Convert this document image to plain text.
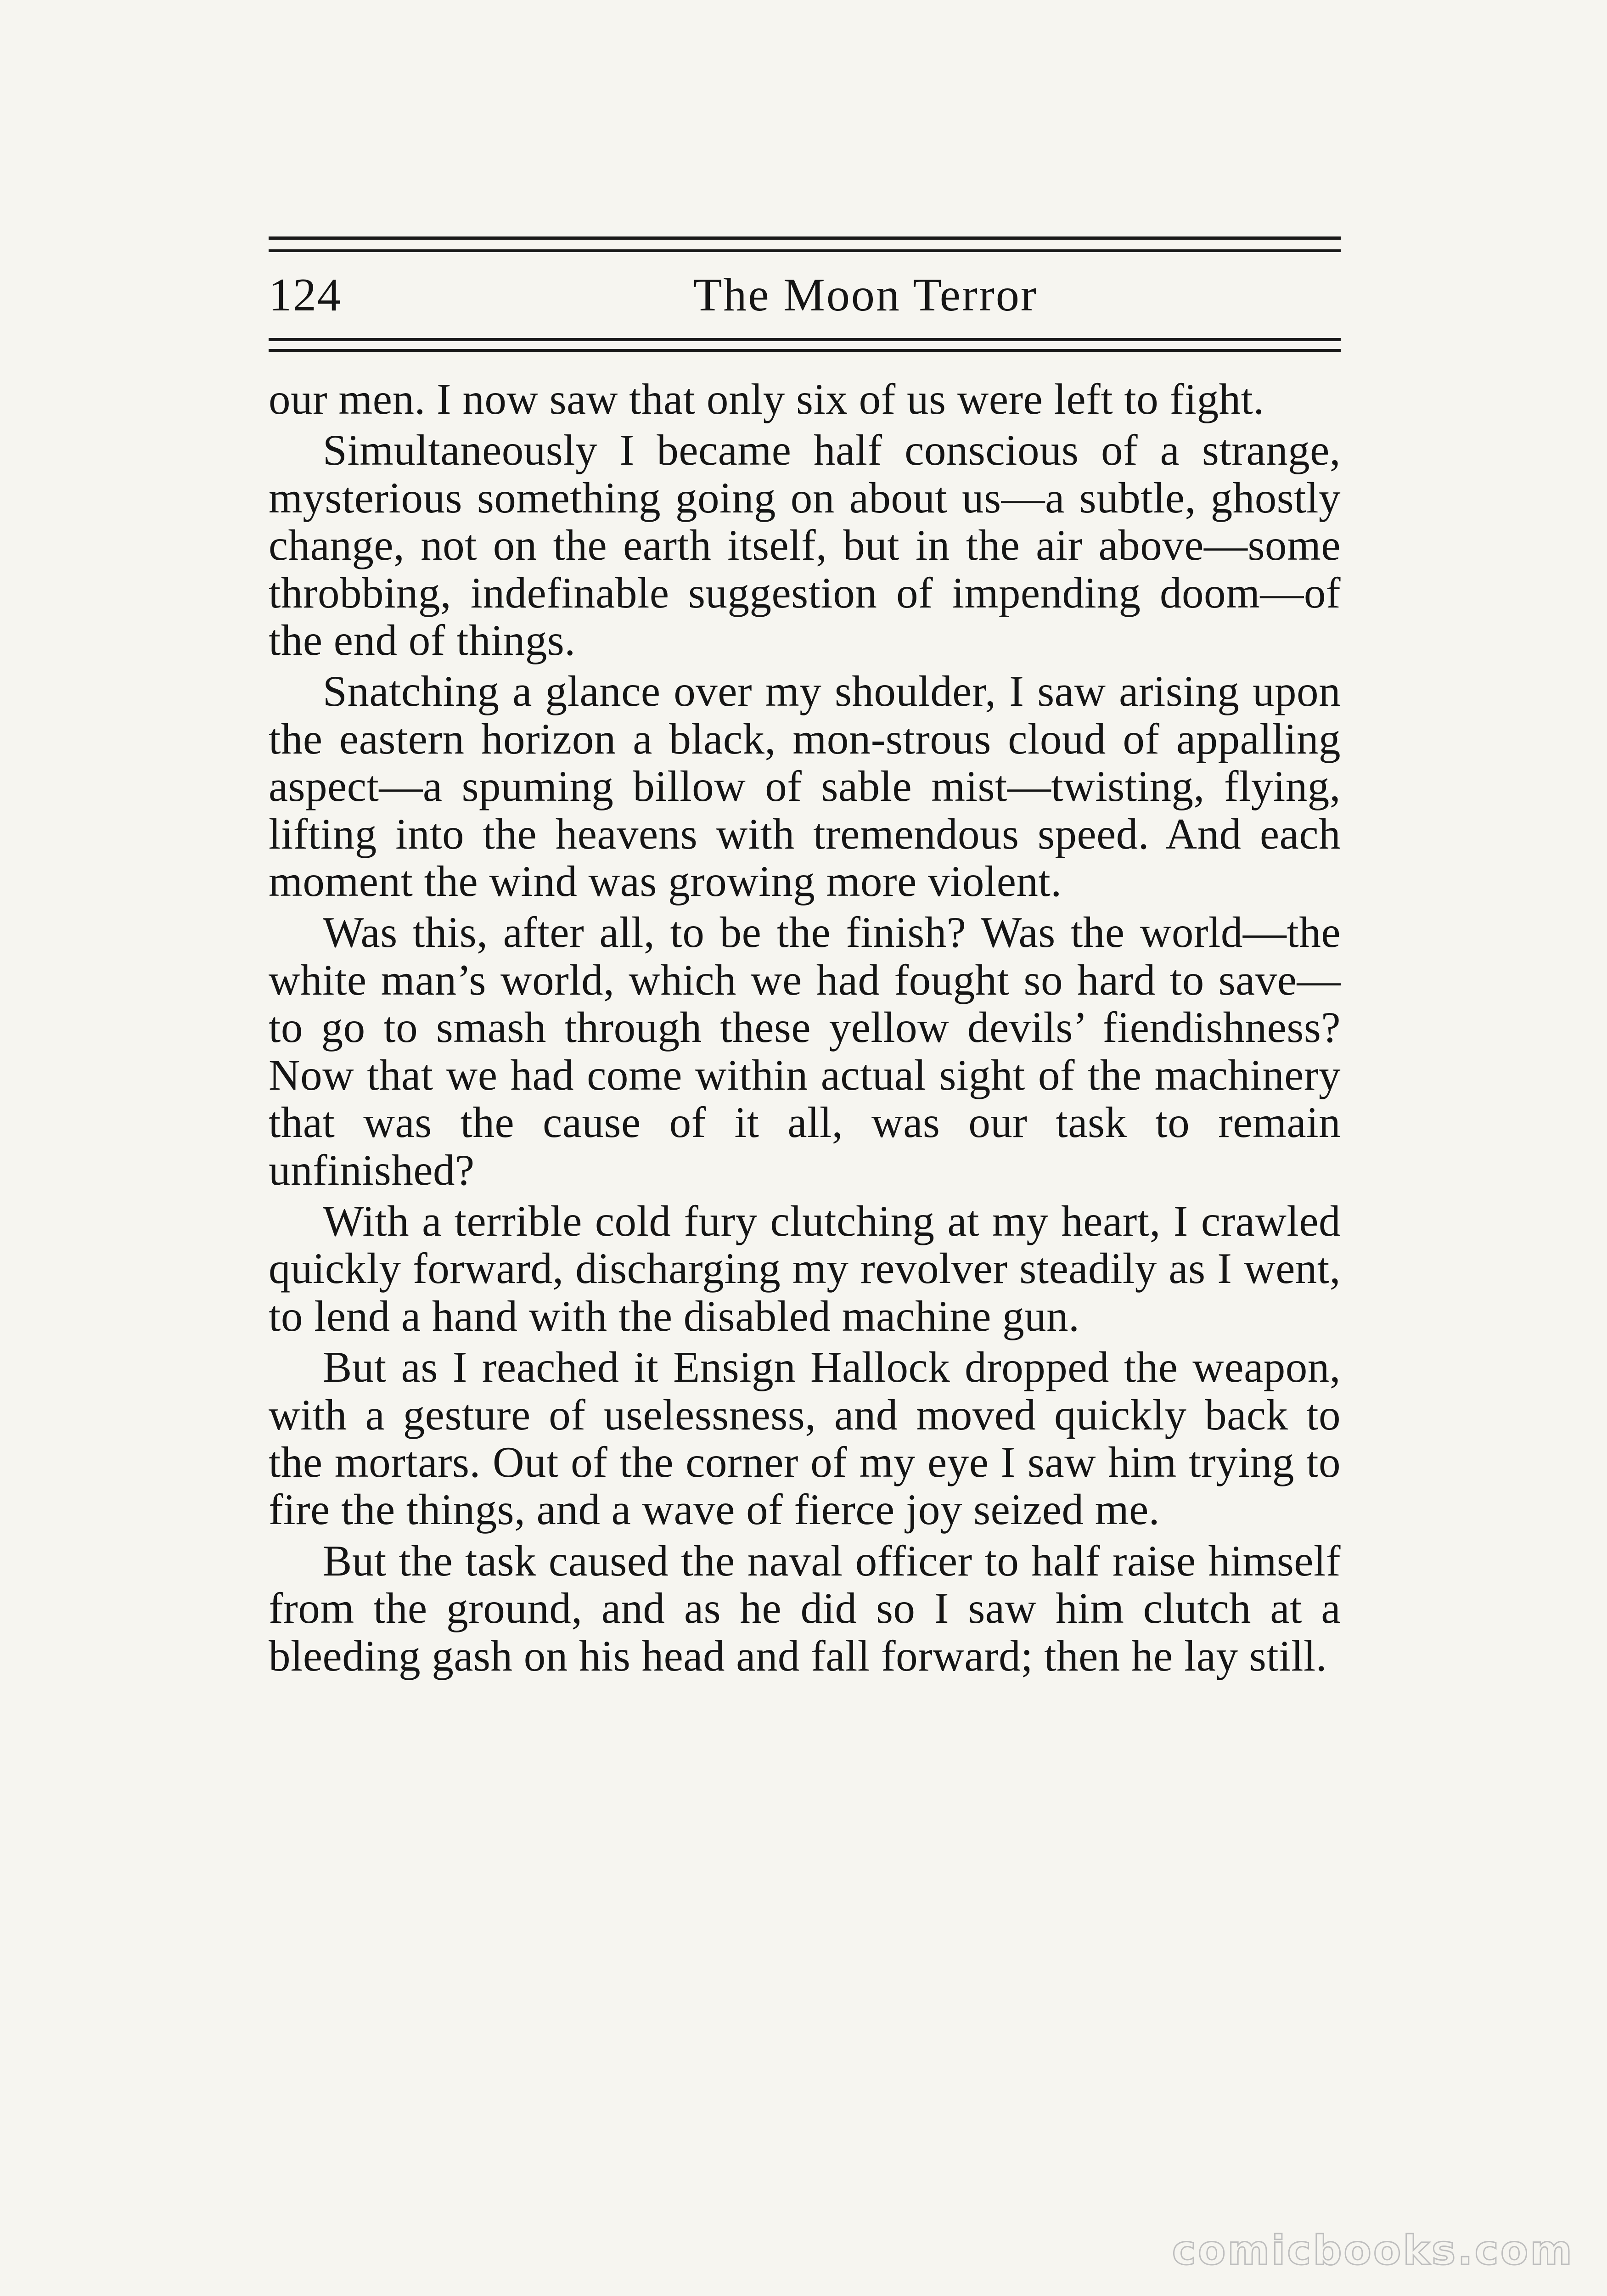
124	The Moon Terror

our men. I now saw that only six of us were left to fight.

Simultaneously I became half conscious of a strange, mysterious something going on about us—a subtle, ghostly change, not on the earth itself, but in the air above—some throbbing, indefinable suggestion of impending doom—of the end of things.

Snatching a glance over my shoulder, I saw arising upon the eastern horizon a black, mon-strous cloud of appalling aspect—a spuming billow of sable mist—twisting, flying, lifting into the heavens with tremendous speed. And each moment the wind was growing more violent.

Was this, after all, to be the finish? Was the world—the white man’s world, which we had fought so hard to save—to go to smash through these yellow devils’ fiendishness? Now that we had come within actual sight of the machinery that was the cause of it all, was our task to remain unfinished?

With a terrible cold fury clutching at my heart, I crawled quickly forward, discharging my revolver steadily as I went, to lend a hand with the disabled machine gun.

But as I reached it Ensign Hallock dropped the weapon, with a gesture of uselessness, and moved quickly back to the mortars. Out of the corner of my eye I saw him trying to fire the things, and a wave of fierce joy seized me.

But the task caused the naval officer to half raise himself from the ground, and as he did so I saw him clutch at a bleeding gash on his head and fall forward; then he lay still.

comicbooks.com
